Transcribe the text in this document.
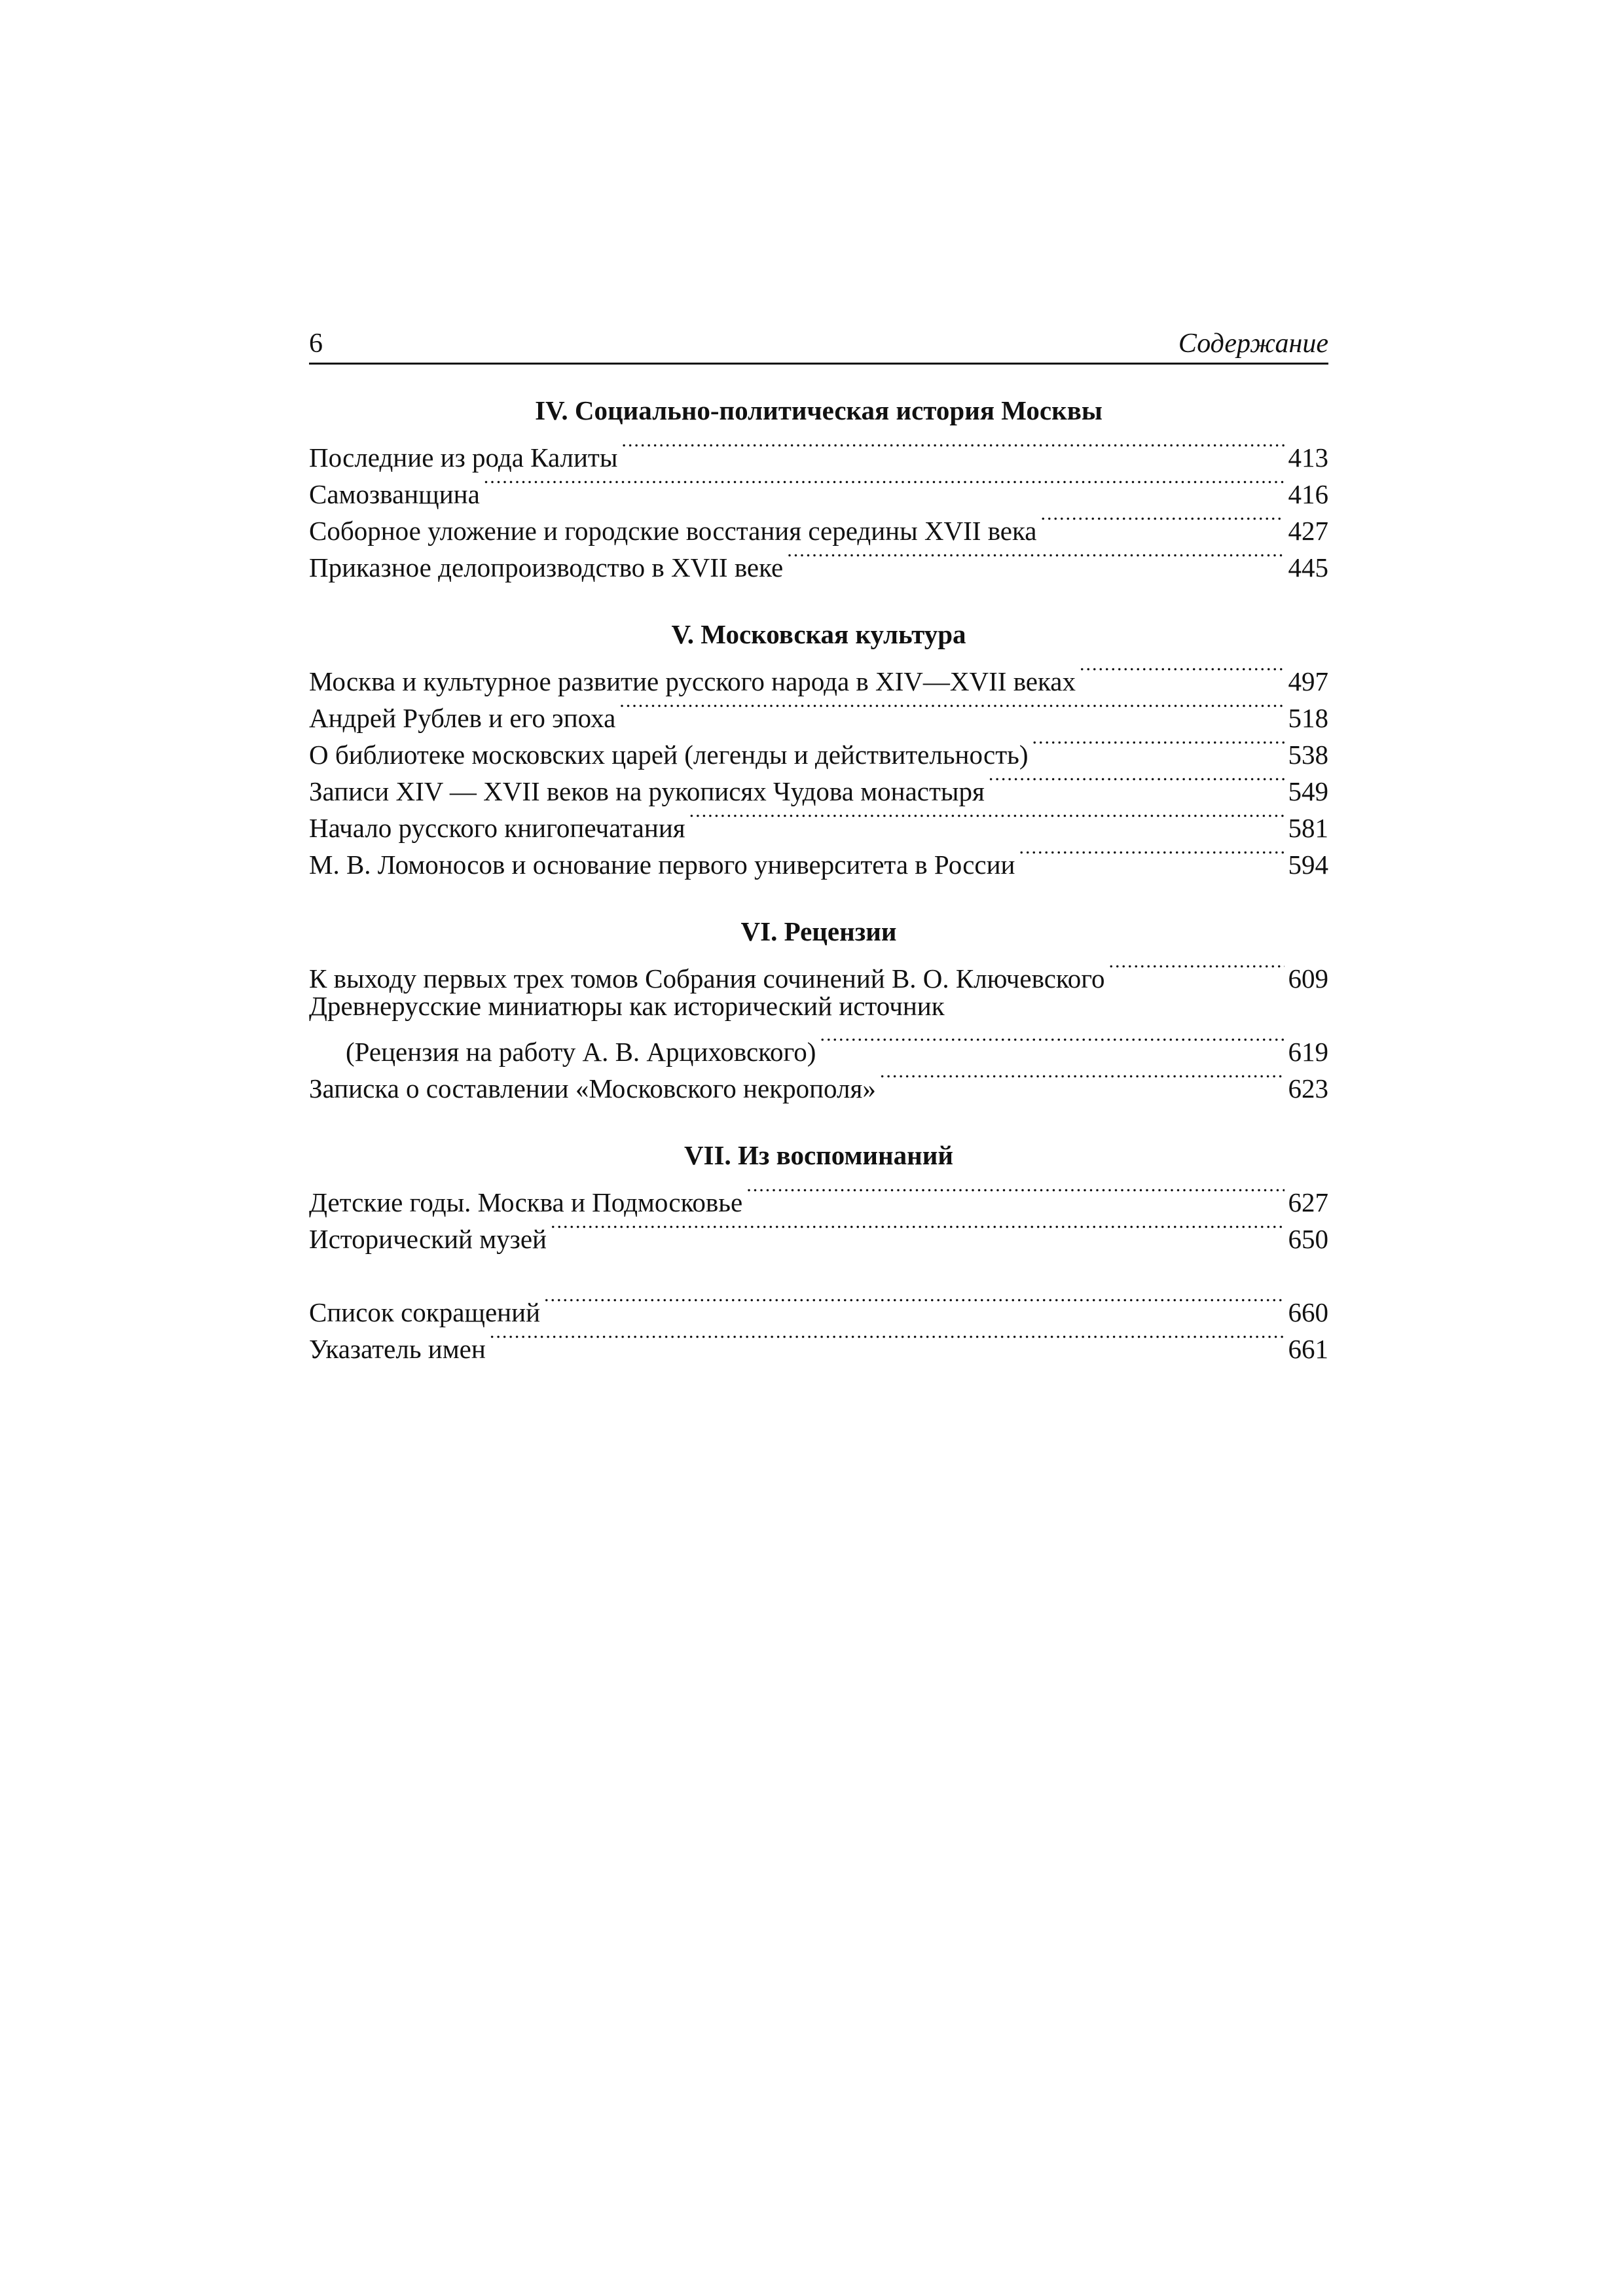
6	Содержание
IV. Социально-политическая история Москвы
Последние из рода Калиты .....	413
Самозванщина .....	416
Соборное уложение и городские восстания середины XVII века .....	427
Приказное делопроизводство в XVII веке .....	445
V. Московская культура
Москва и культурное развитие русского народа в XIV—XVII веках .....	497
Андрей Рублев и его эпоха .....	518
О библиотеке московских царей (легенды и действительность) .....	538
Записи XIV — XVII веков на рукописях Чудова монастыря .....	549
Начало русского книгопечатания .....	581
М. В. Ломоносов и основание первого университета в России .....	594
VI. Рецензии
К выходу первых трех томов Собрания сочинений В. О. Ключевского .....	609
Древнерусские миниатюры как исторический источник
(Рецензия на работу А. В. Арциховского) .....	619
Записка о составлении «Московского некрополя» .....	623
VII. Из воспоминаний
Детские годы. Москва и Подмосковье .....	627
Исторический музей .....	650
Список сокращений .....	660
Указатель имен .....	661
